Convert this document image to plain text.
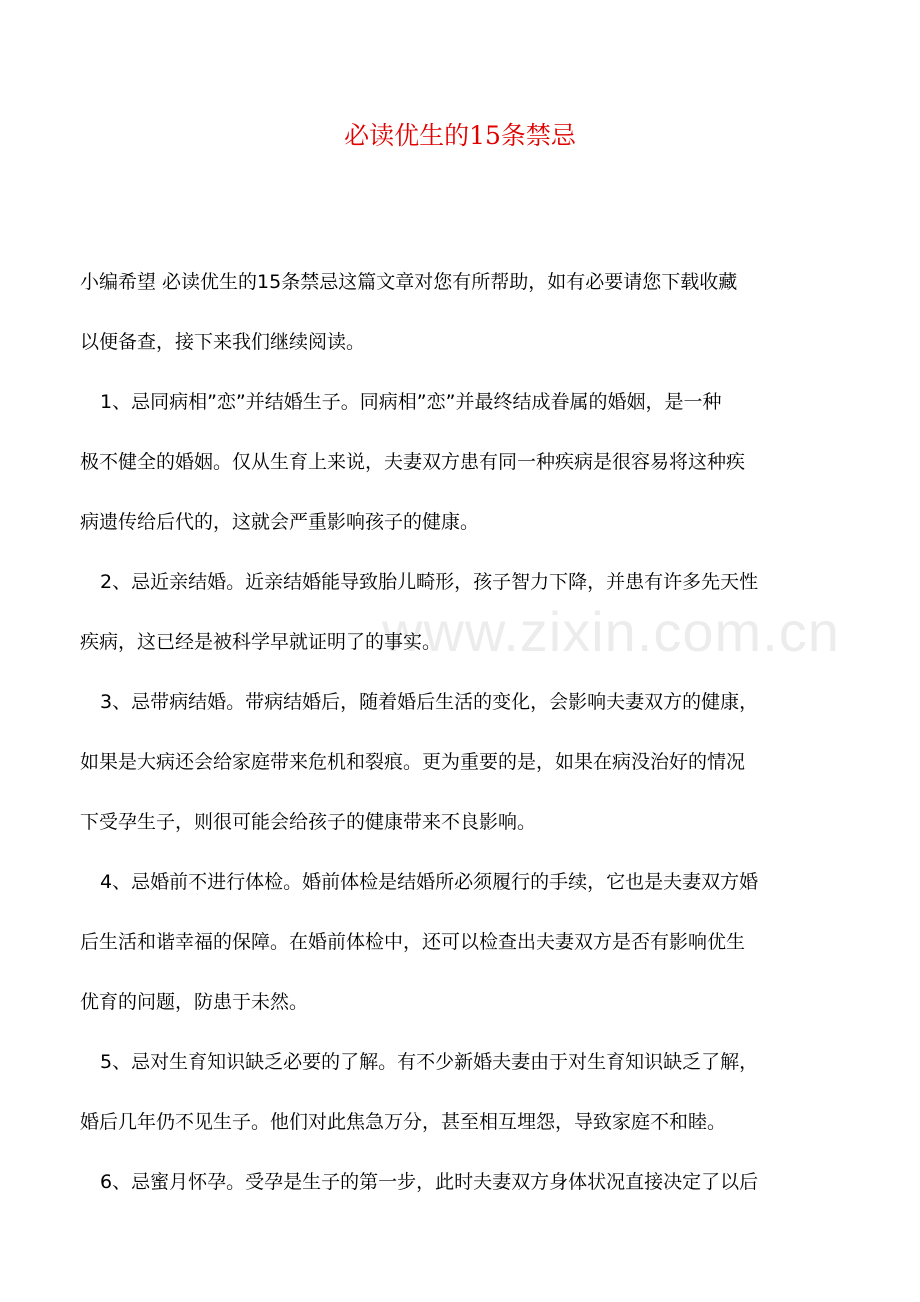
www.zixin.com.cn
必读优生的15条禁忌
小编希望 必读优生的15条禁忌这篇文章对您有所帮助，如有必要请您下载收藏
以便备查，接下来我们继续阅读。
1、忌同病相”恋”并结婚生子。同病相”恋”并最终结成眷属的婚姻，是一种
极不健全的婚姻。仅从生育上来说，夫妻双方患有同一种疾病是很容易将这种疾
病遗传给后代的，这就会严重影响孩子的健康。
2、忌近亲结婚。近亲结婚能导致胎儿畸形，孩子智力下降，并患有许多先天性
疾病，这已经是被科学早就证明了的事实。
3、忌带病结婚。带病结婚后，随着婚后生活的变化，会影响夫妻双方的健康，
如果是大病还会给家庭带来危机和裂痕。更为重要的是，如果在病没治好的情况
下受孕生子，则很可能会给孩子的健康带来不良影响。
4、忌婚前不进行体检。婚前体检是结婚所必须履行的手续，它也是夫妻双方婚
后生活和谐幸福的保障。在婚前体检中，还可以检查出夫妻双方是否有影响优生
优育的问题，防患于未然。
5、忌对生育知识缺乏必要的了解。有不少新婚夫妻由于对生育知识缺乏了解，
婚后几年仍不见生子。他们对此焦急万分，甚至相互埋怨，导致家庭不和睦。
6、忌蜜月怀孕。受孕是生子的第一步，此时夫妻双方身体状况直接决定了以后
